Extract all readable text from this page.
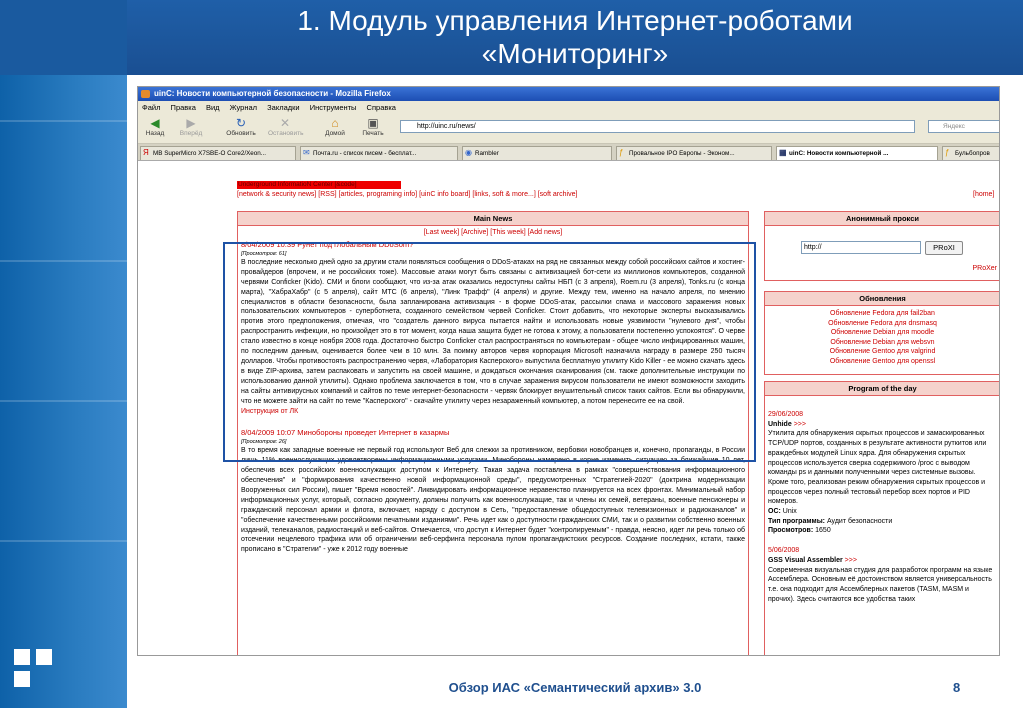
1. Модуль управления Интернет-роботами
«Мониторинг»
uinC: Новости компьютерной безопасности - Mozilla Firefox
Файл Правка Вид Журнал Закладки Инструменты Справка
◀
Назад
▶
Вперёд
↻
Обновить
✕
Остановить
⌂
Домой
▣
Печать
http://uinc.ru/news/	Яндекс
Я MB SuperMicro X7SBE-O Core2/Xeon...	✉ Почта.ru - список писем - бесплат...	◉ Rambler	ƒ Провальное IPO Европы - Эконом...	▦ uinC: Новости компьютерной ...	ƒ Бульбопров
Underground InformatioN Center [&code]
[network & security news] [RSS] [articles, programing info] [uinC info board] [links, soft & more...] [soft archive]	[home]
Main News
[Last week] [Archive] [This week] [Add news]
8/04/2009 10:39 Рунет под глобальным DDoSom?
[Просмотров: 61]
В последние несколько дней одно за другим стали появляться сообщения о DDoS-атаках на ряд не связанных между собой российских сайтов и хостинг-провайдеров (впрочем, и не российских тоже). Массовые атаки могут быть связаны с активизацией бот-сети из миллионов компьютеров, созданной червями Conficker (Kido). СМИ и блоги сообщают, что из-за атак оказались недоступны сайты НБП (с 3 апреля), Roem.ru (3 апреля), Tonks.ru (с конца марта), "ХабраХабр" (с 5 апреля), сайт МТС (6 апреля), "Линк Трафф" (4 апреля) и другие. Между тем, именно на начало апреля, по мнению специалистов в области безопасности, была запланирована активизация - в форме DDoS-атак, рассылки спама и массового заражения новых пользовательских компьютеров - суперботнета, созданного семейством червей Conficker. Стоит добавить, что некоторые эксперты высказывались против этого предположения, отмечая, что "создатель данного вируса пытается найти и использовать новые уязвимости "нулевого дня", чтобы распространить инфекции, но произойдет это в тот момент, когда наша защита будет не готова к этому, а пользователи постепенно успокоятся". О черве стало известно в конце ноября 2008 года. Достаточно быстро Conficker стал распространяться по компьютерам - общее число инфицированных машин, по последним данным, оценивается более чем в 10 млн. За поимку авторов червя корпорация Microsoft назначила награду в размере 250 тысяч долларов. Чтобы противостоять распространению червя, «Лаборатория Касперского» выпустила бесплатную утилиту Kido Killer - ее можно скачать здесь в виде ZIP-архива, затем распаковать и запустить на своей машине, и дождаться окончания сканирования (см. также дополнительные инструкции по использованию данной утилиты). Однако проблема заключается в том, что в случае заражения вирусом пользователи не имеют возможности заходить на сайты антивирусных компаний и сайтов по теме интернет-безопасности - червяк блокирует внушительный список таких сайтов. Если вы обнаружили, что не можете зайти на сайт по теме "Касперского" - скачайте утилиту через незараженный компьютер, а потом перенесите ее на свой.
Инструкция от ЛК
8/04/2009 10:07 Минобороны проведет Интернет в казармы
[Просмотров: 26]
В то время как западные военные не первый год используют Веб для слежки за противником, вербовки новобранцев и, конечно, пропаганды, в России лишь 11% военнослужащих удовлетворены информационными услугами. Минобороны намерено в корне изменить ситуацию за ближайшие 10 лет, обеспечив всех российских военнослужащих доступом к Интернету. Такая задача поставлена в рамках "совершенствования информационного обеспечения" и "формирования качественно новой информационной среды", предусмотренных "Стратегией-2020" (доктрина модернизации Вооруженных сил России), пишет "Время новостей". Ликвидировать информационное неравенство планируется на всех фронтах. Минимальный набор информационных услуг, который, согласно документу, должны получить как военнослужащие, так и члены их семей, ветераны, военные пенсионеры и гражданский персонал армии и флота, включает, наряду с доступом в Сеть, "предоставление общедоступных телевизионных и радиоканалов" и "обеспечение качественными российскими печатными изданиями". Речь идет как о доступности гражданских СМИ, так и о развитии собственно военных изданий, телеканалов, радиостанций и веб-сайтов. Отмечается, что доступ к Интернет будет "контролируемым" - правда, неясно, идет ли речь только об отсечении нецелевого трафика или об ограничении веб-серфинга персонала пулом пропагандистских ресурсов. Создание последних, кстати, также прописано в "Стратегии" - уже к 2012 году военные
Анонимный прокси
http://	PRoXI
PRoXer
Обновления
Обновление Fedora для fail2ban
Обновление Fedora для dnsmasq
Обновление Debian для moodle
Обновление Debian для websvn
Обновление Gentoo для valgrind
Обновление Gentoo для openssl
Program of the day
29/06/2008
Unhide >>>
Утилита для обнаружения скрытых процессов и замаскированных TCP/UDP портов, созданных в результате активности руткитов или враждебных модулей Linux ядра. Для обнаружения скрытых процессов используется сверка содержимого /proc с выводом команды ps и данными полученными через системные вызовы. Кроме того, реализован режим обнаружения скрытых процессов и процессов через полный тестовый перебор всех портов и PID номеров.
OC: Unix
Тип программы: Аудит безопасности
Просмотров: 1650
5/06/2008
GSS Visual Assembler >>>
Современная визуальная студия для разработок программ на языке Ассемблера. Основным её достоинством является универсальность т.е. она подходит для Ассемблерных пакетов (TASM, MASM и прочих). Здесь считаются все удобства таких
Обзор ИАС «Семантический архив» 3.0	8
